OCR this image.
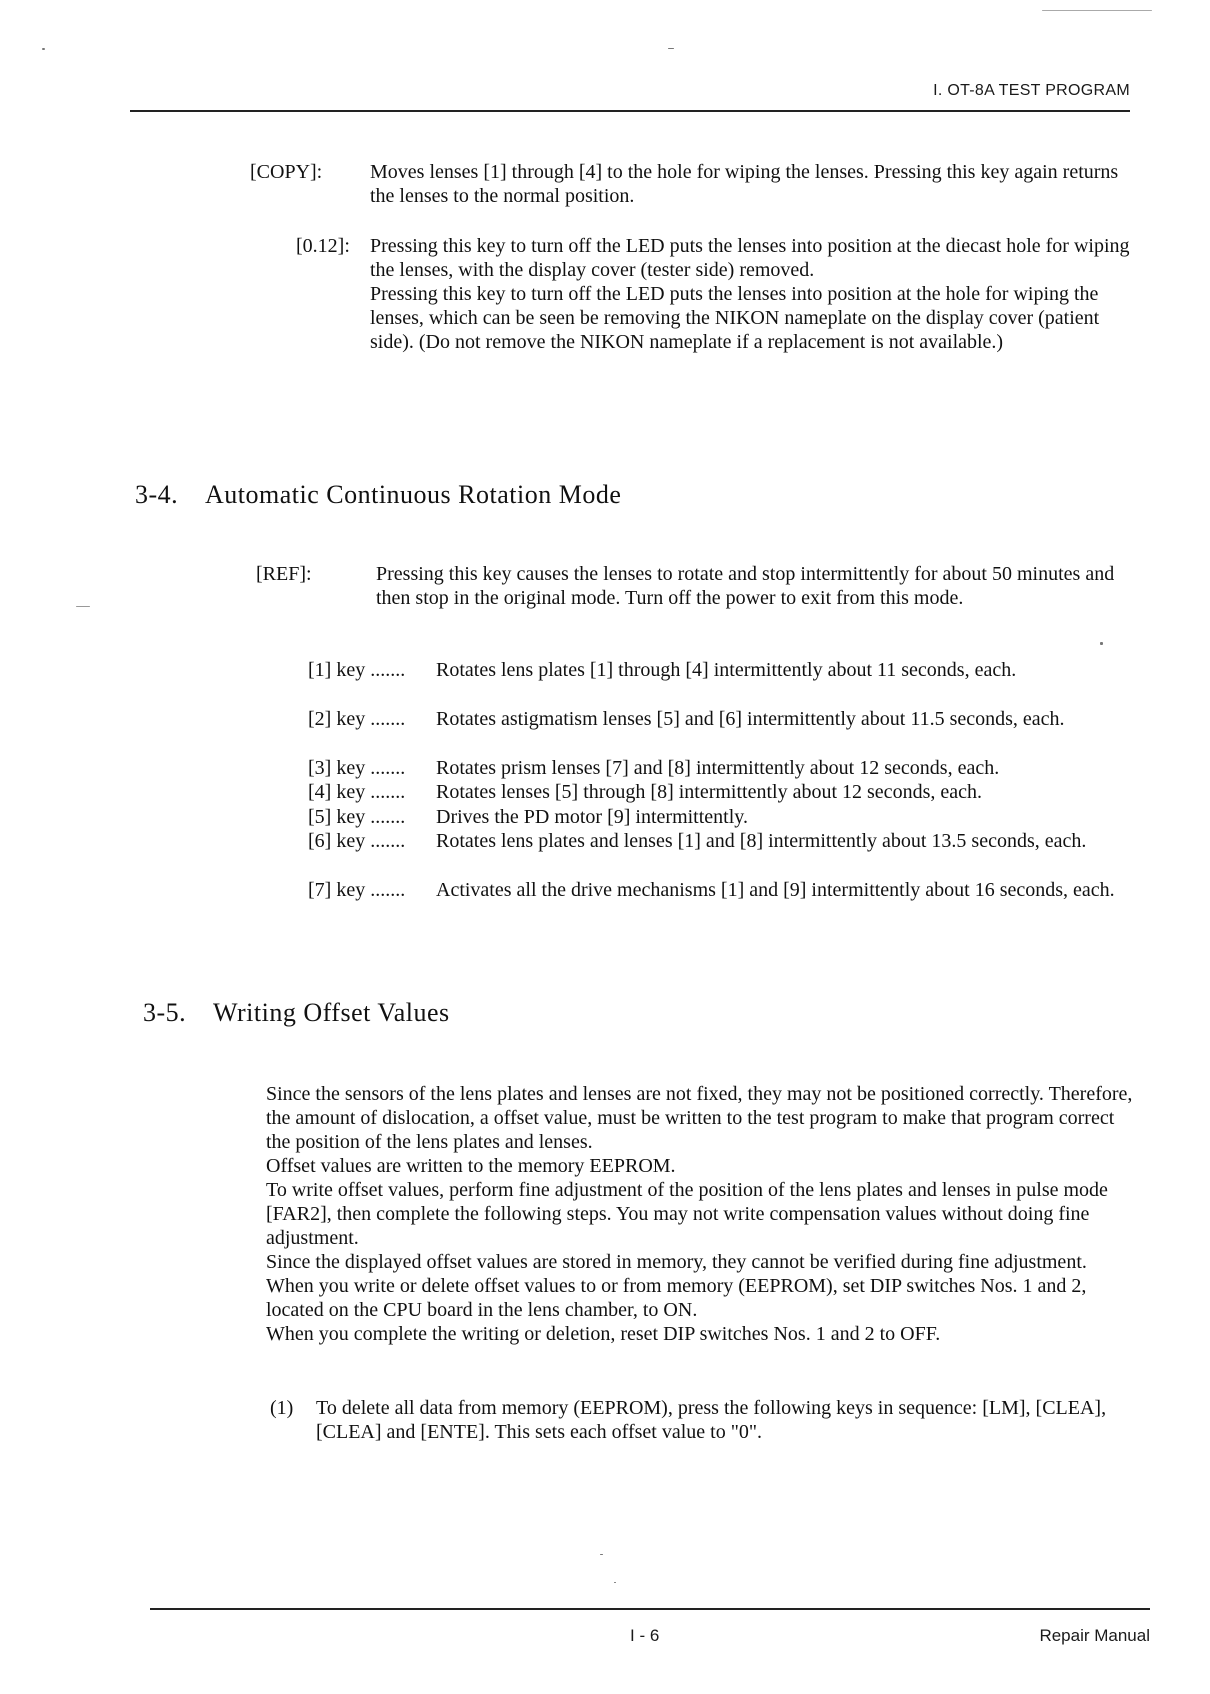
I. OT-8A TEST PROGRAM
[COPY]: Moves lenses [1] through [4] to the hole for wiping the lenses. Pressing this key again returns the lenses to the normal position.
[0.12]: Pressing this key to turn off the LED puts the lenses into position at the diecast hole for wiping the lenses, with the display cover (tester side) removed.

Pressing this key to turn off the LED puts the lenses into position at the hole for wiping the lenses, which can be seen be removing the NIKON nameplate on the display cover (patient side). (Do not remove the NIKON nameplate if a replacement is not available.)

3-4. Automatic Continuous Rotation Mode
[REF]:	Pressing this key causes the lenses to rotate and stop intermittently for about 50 minutes and then stop in the original mode. Turn off the power to exit from this mode.
[1] key ....... Rotates lens plates [1] through [4] intermittently about 11 seconds, each.
[2] key ....... Rotates astigmatism lenses [5] and [6] intermittently about 11.5 seconds, each.
[3] key ....... Rotates prism lenses [7] and [8] intermittently about 12 seconds, each.
[4] key ....... Rotates lenses [5] through [8] intermittently about 12 seconds, each.
[5] key ....... Drives the PD motor [9] intermittently.
[6] key ....... Rotates lens plates and lenses [1] and [8] intermittently about 13.5 seconds, each.
[7] key ....... Activates all the drive mechanisms [1] and [9] intermittently about 16 seconds, each.
3-5. Writing Offset Values

Since the sensors of the lens plates and lenses are not fixed, they may not be positioned correctly. Therefore, the amount of dislocation, a offset value, must be written to the test program to make that program correct the position of the lens plates and lenses.

Offset values are written to the memory EEPROM.

To write offset values, perform fine adjustment of the position of the lens plates and lenses in pulse mode [FAR2], then complete the following steps. You may not write compensation values without doing fine adjustment.

Since the displayed offset values are stored in memory, they cannot be verified during fine adjustment.

When you write or delete offset values to or from memory (EEPROM), set DIP switches Nos. 1 and 2, located on the CPU board in the lens chamber, to ON.

When you complete the writing or deletion, reset DIP switches Nos. 1 and 2 to OFF.

(1) To delete all data from memory (EEPROM), press the following keys in sequence: [LM], [CLEA], [CLEA] and [ENTE]. This sets each offset value to "0".
I - 6	Repair Manual
